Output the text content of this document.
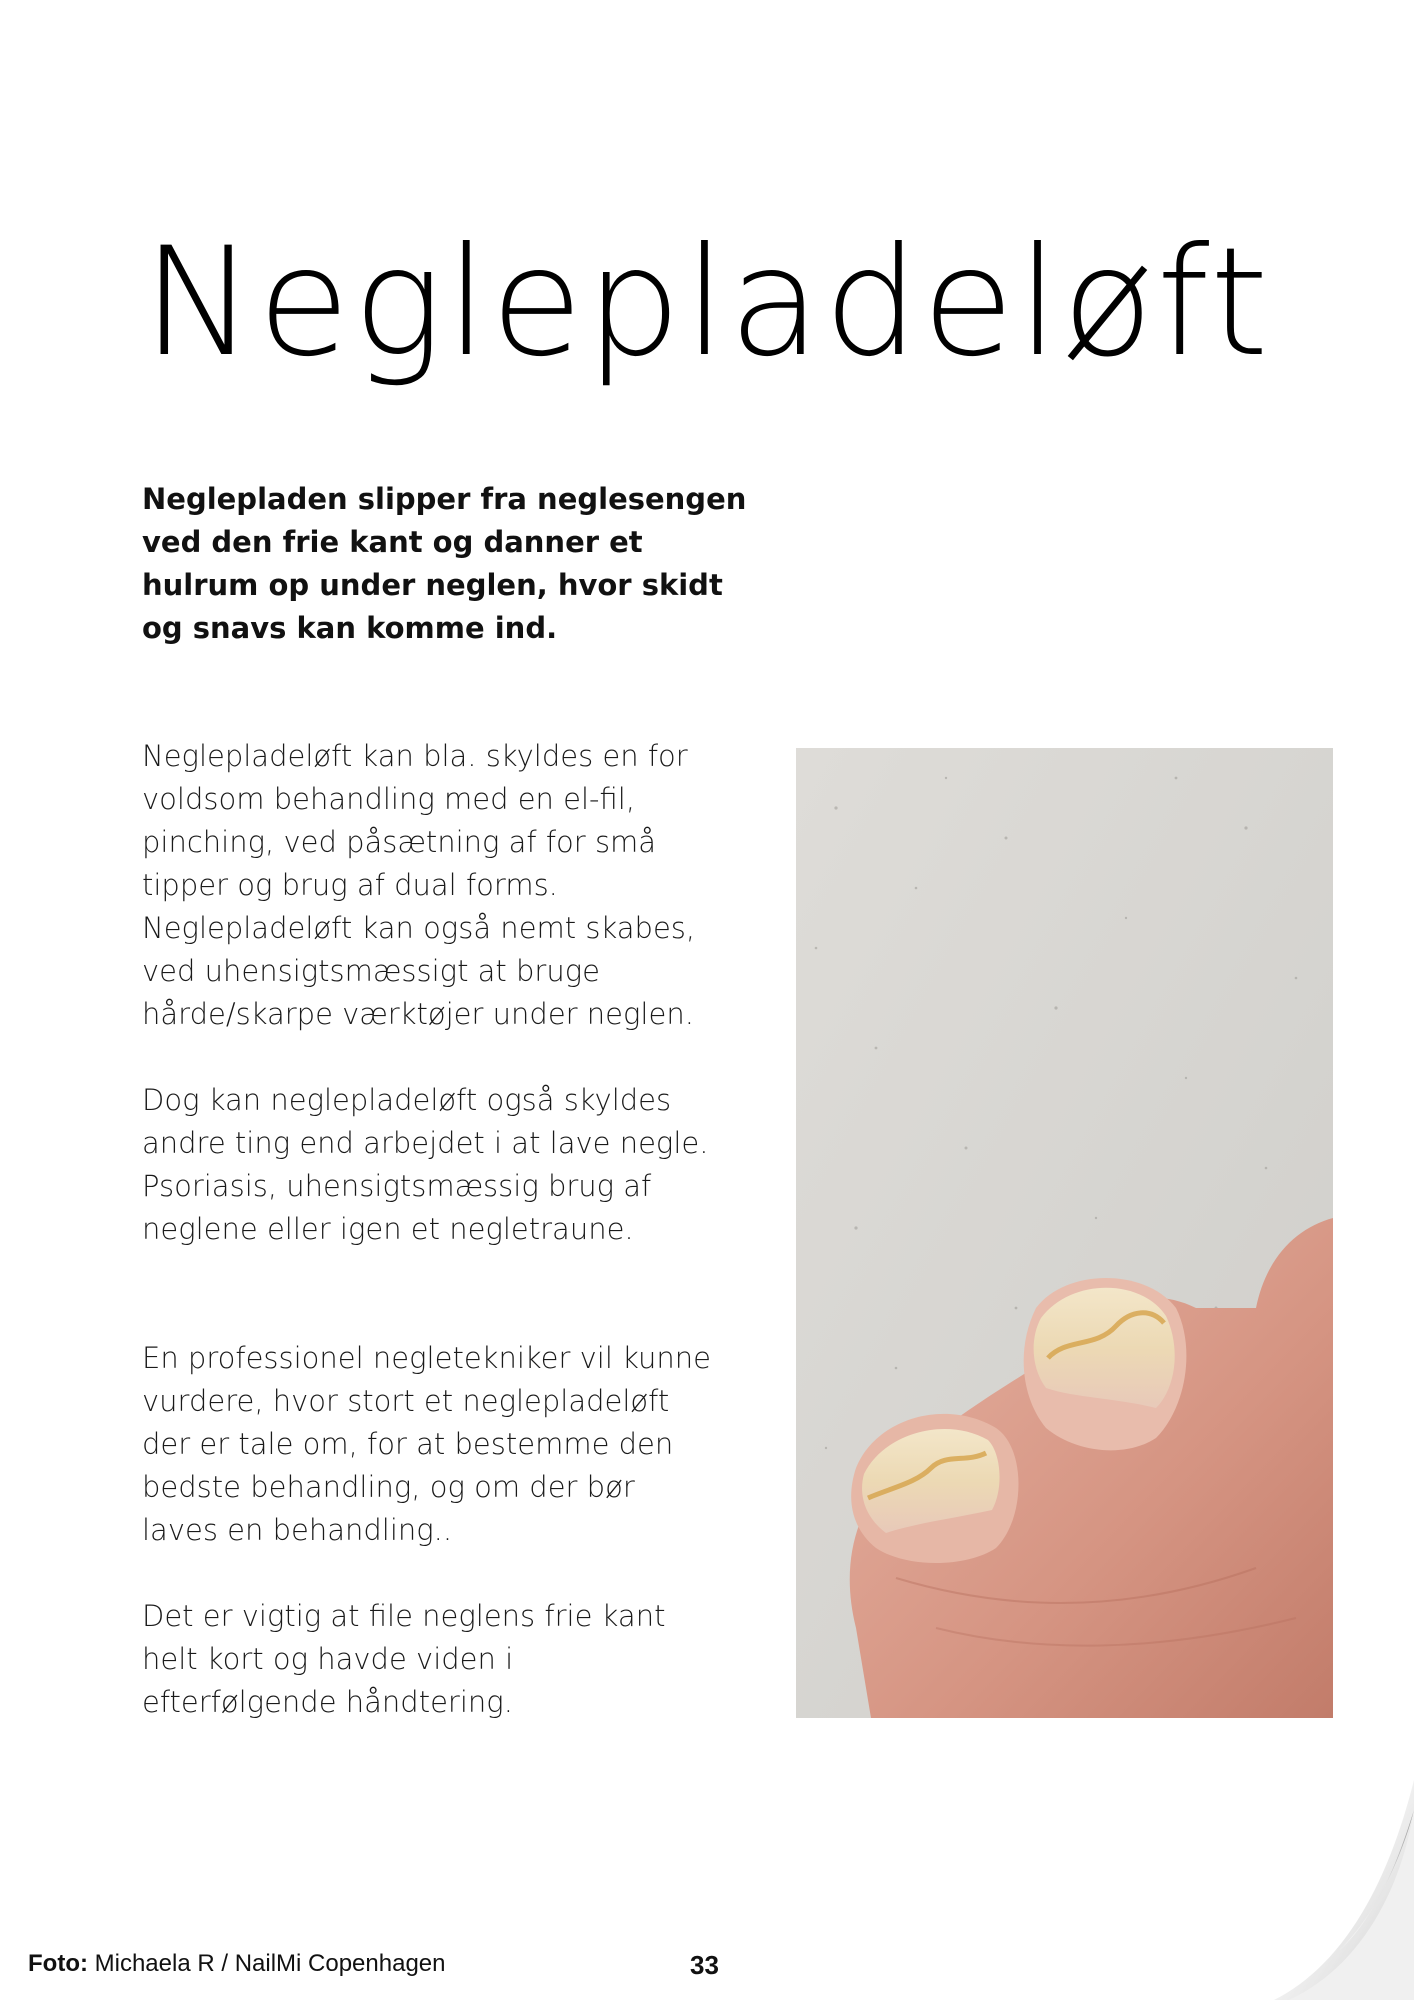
Neglepladeløft

Neglepladen slipper fra neglesengen

ved den frie kant og danner et

hulrum op under neglen, hvor skidt

og snavs kan komme ind.

Neglepladeløft kan bla. skyldes en for

voldsom behandling med en el-fil,

pinching, ved påsætning af for små

tipper og brug af dual forms.

Neglepladeløft kan også nemt skabes,

ved uhensigtsmæssigt at bruge

hårde/skarpe værktøjer under neglen.

Dog kan neglepladeløft også skyldes

andre ting end arbejdet i at lave negle.

Psoriasis, uhensigtsmæssig brug af

neglene eller igen et negletraune.

En professionel negletekniker vil kunne

vurdere, hvor stort et neglepladeløft

der er tale om, for at bestemme den

bedste behandling, og om der bør

laves en behandling..

Det er vigtig at file neglens frie kant

helt kort og havde viden i

efterfølgende håndtering.

Foto: Michaela R / NailMi Copenhagen	33
